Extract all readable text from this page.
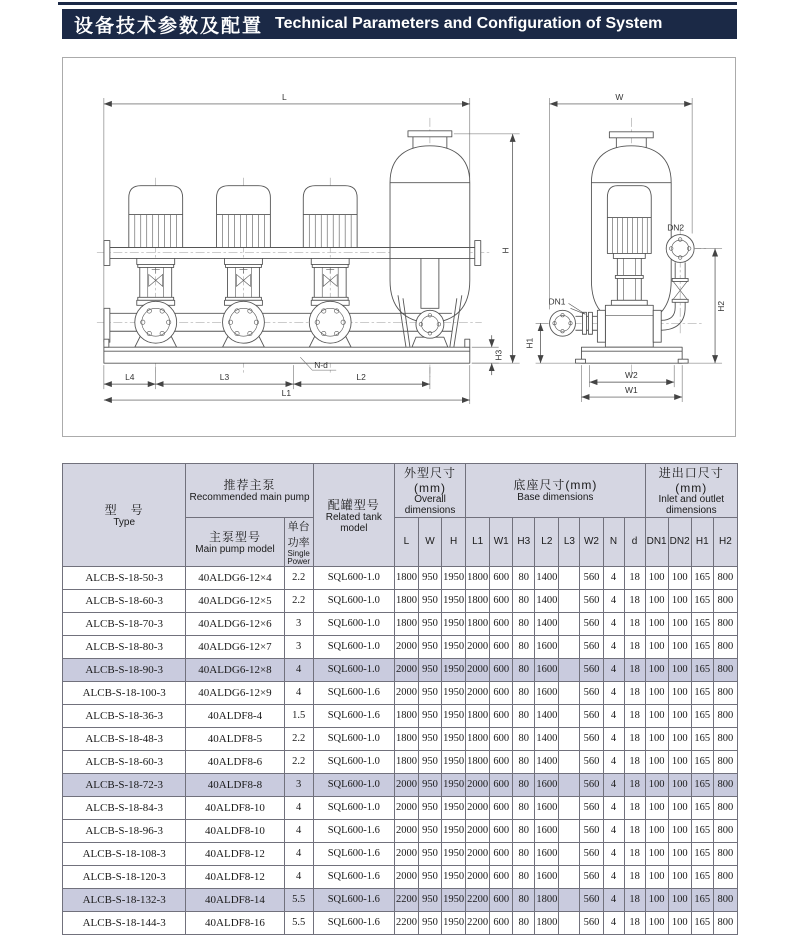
设备技术参数及配置 Technical Parameters and Configuration of System
L
H
H3
L4	L3	L2
N-d
L1
DN1
DN2
W
H1
H2
W2
W1
型　号
Type

推荐主泵
Recommended main pump	配罐型号
Related tank model

外型尺寸(mm)
Overall dimensions

底座尺寸(mm)
Base dimensions

进出口尺寸(mm)
Inlet and outlet dimensions

主泵型号
Main pump model

单台功率
Single Power
	L	W	H	L1	W1	H3	L2	L3	W2	N	d	DN1	DN2	H1	H2
ALCB-S-18-50-3	40ALDG6-12×4	2.2	SQL600-1.0	1800	950	1950	1800	600	80	1400		560	4	18	100	100	165	800
ALCB-S-18-60-3	40ALDG6-12×5	2.2	SQL600-1.0	1800	950	1950	1800	600	80	1400		560	4	18	100	100	165	800
ALCB-S-18-70-3	40ALDG6-12×6	3	SQL600-1.0	1800	950	1950	1800	600	80	1400		560	4	18	100	100	165	800
ALCB-S-18-80-3	40ALDG6-12×7	3	SQL600-1.0	2000	950	1950	2000	600	80	1600		560	4	18	100	100	165	800
ALCB-S-18-90-3	40ALDG6-12×8	4	SQL600-1.0	2000	950	1950	2000	600	80	1600		560	4	18	100	100	165	800
ALCB-S-18-100-3	40ALDG6-12×9	4	SQL600-1.6	2000	950	1950	2000	600	80	1600		560	4	18	100	100	165	800
ALCB-S-18-36-3	40ALDF8-4	1.5	SQL600-1.6	1800	950	1950	1800	600	80	1400		560	4	18	100	100	165	800
ALCB-S-18-48-3	40ALDF8-5	2.2	SQL600-1.0	1800	950	1950	1800	600	80	1400		560	4	18	100	100	165	800
ALCB-S-18-60-3	40ALDF8-6	2.2	SQL600-1.0	1800	950	1950	1800	600	80	1400		560	4	18	100	100	165	800
ALCB-S-18-72-3	40ALDF8-8	3	SQL600-1.0	2000	950	1950	2000	600	80	1600		560	4	18	100	100	165	800
ALCB-S-18-84-3	40ALDF8-10	4	SQL600-1.0	2000	950	1950	2000	600	80	1600		560	4	18	100	100	165	800
ALCB-S-18-96-3	40ALDF8-10	4	SQL600-1.6	2000	950	1950	2000	600	80	1600		560	4	18	100	100	165	800
ALCB-S-18-108-3	40ALDF8-12	4	SQL600-1.6	2000	950	1950	2000	600	80	1600		560	4	18	100	100	165	800
ALCB-S-18-120-3	40ALDF8-12	4	SQL600-1.6	2000	950	1950	2000	600	80	1600		560	4	18	100	100	165	800
ALCB-S-18-132-3	40ALDF8-14	5.5	SQL600-1.6	2200	950	1950	2200	600	80	1800		560	4	18	100	100	165	800
ALCB-S-18-144-3	40ALDF8-16	5.5	SQL600-1.6	2200	950	1950	2200	600	80	1800		560	4	18	100	100	165	800
